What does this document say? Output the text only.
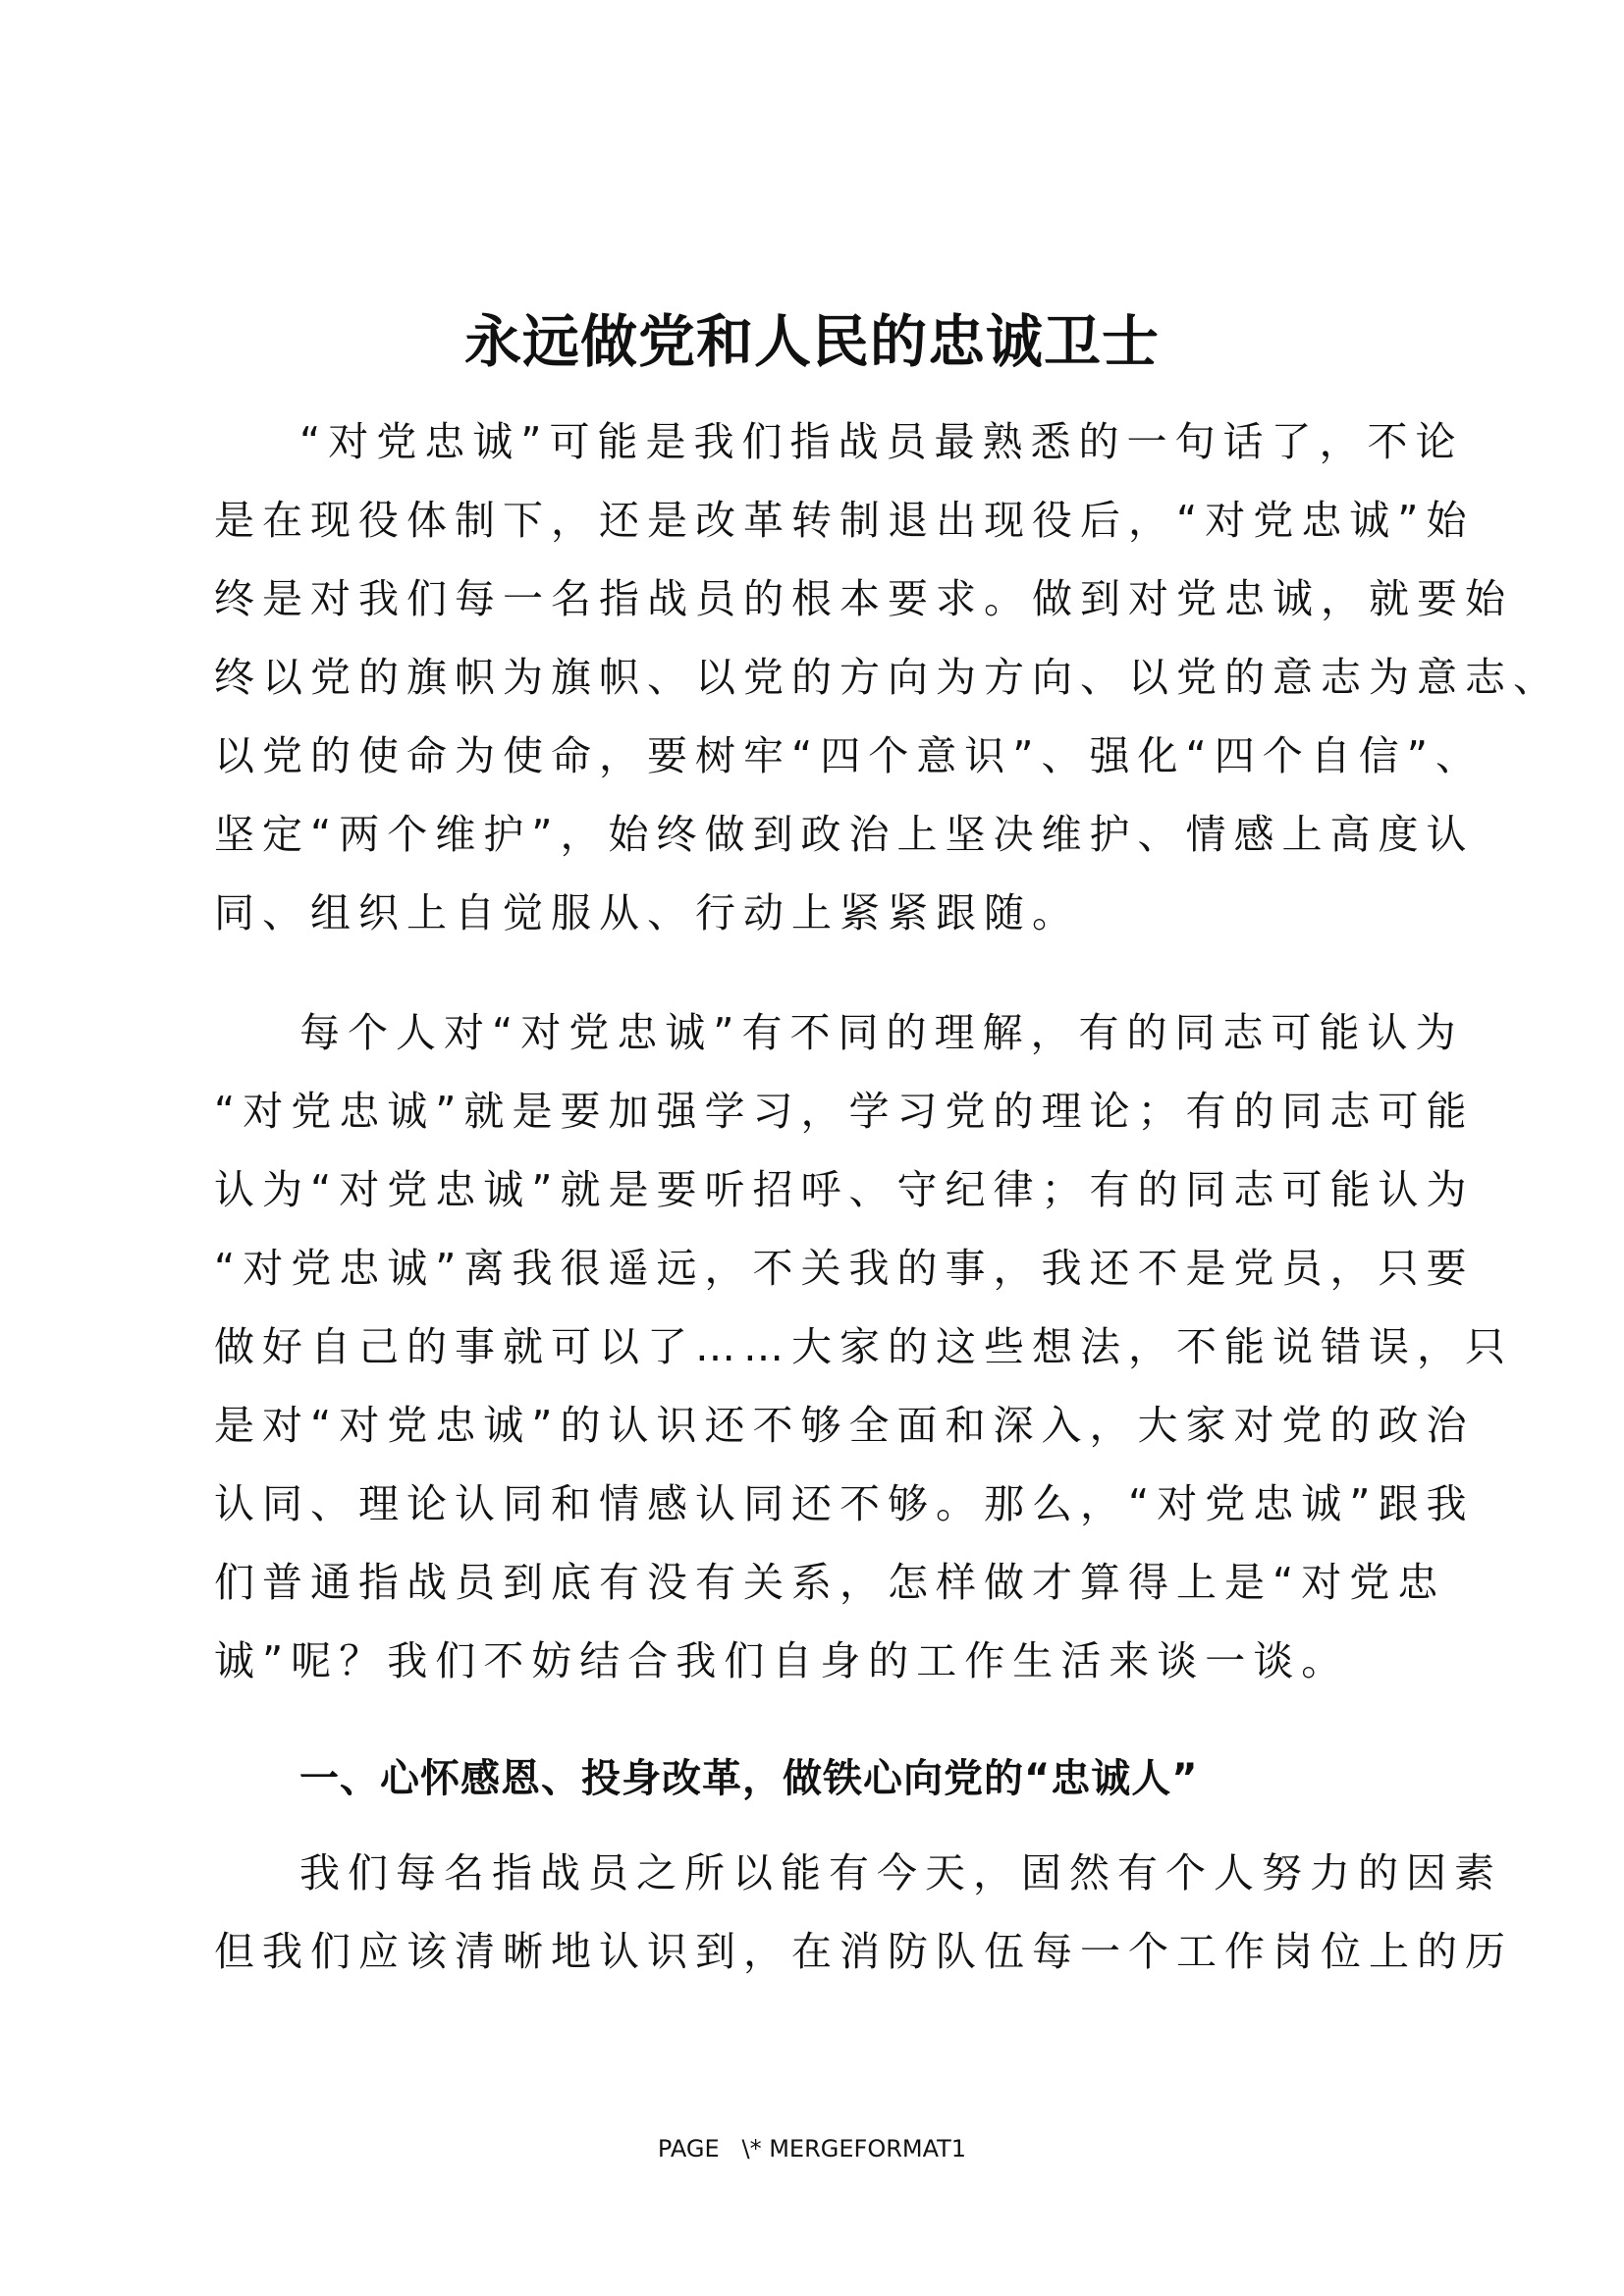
永远做党和人民的忠诚卫士

“对党忠诚”可能是我们指战员最熟悉的一句话了，不论

是在现役体制下，还是改革转制退出现役后，“对党忠诚”始

终是对我们每一名指战员的根本要求。做到对党忠诚，就要始

终以党的旗帜为旗帜、以党的方向为方向、以党的意志为意志、

以党的使命为使命，要树牢“四个意识”、强化“四个自信”、

坚定“两个维护”，始终做到政治上坚决维护、情感上高度认

同、组织上自觉服从、行动上紧紧跟随。

每个人对“对党忠诚”有不同的理解，有的同志可能认为

“对党忠诚”就是要加强学习，学习党的理论；有的同志可能

认为“对党忠诚”就是要听招呼、守纪律；有的同志可能认为

“对党忠诚”离我很遥远，不关我的事，我还不是党员，只要

做好自己的事就可以了……大家的这些想法，不能说错误，只

是对“对党忠诚”的认识还不够全面和深入，大家对党的政治

认同、理论认同和情感认同还不够。那么，“对党忠诚”跟我

们普通指战员到底有没有关系，怎样做才算得上是“对党忠

诚”呢？我们不妨结合我们自身的工作生活来谈一谈。

一、心怀感恩、投身改革，做铁心向党的“忠诚人”

我们每名指战员之所以能有今天，固然有个人努力的因素

但我们应该清晰地认识到，在消防队伍每一个工作岗位上的历

PAGE   \* MERGEFORMAT1
